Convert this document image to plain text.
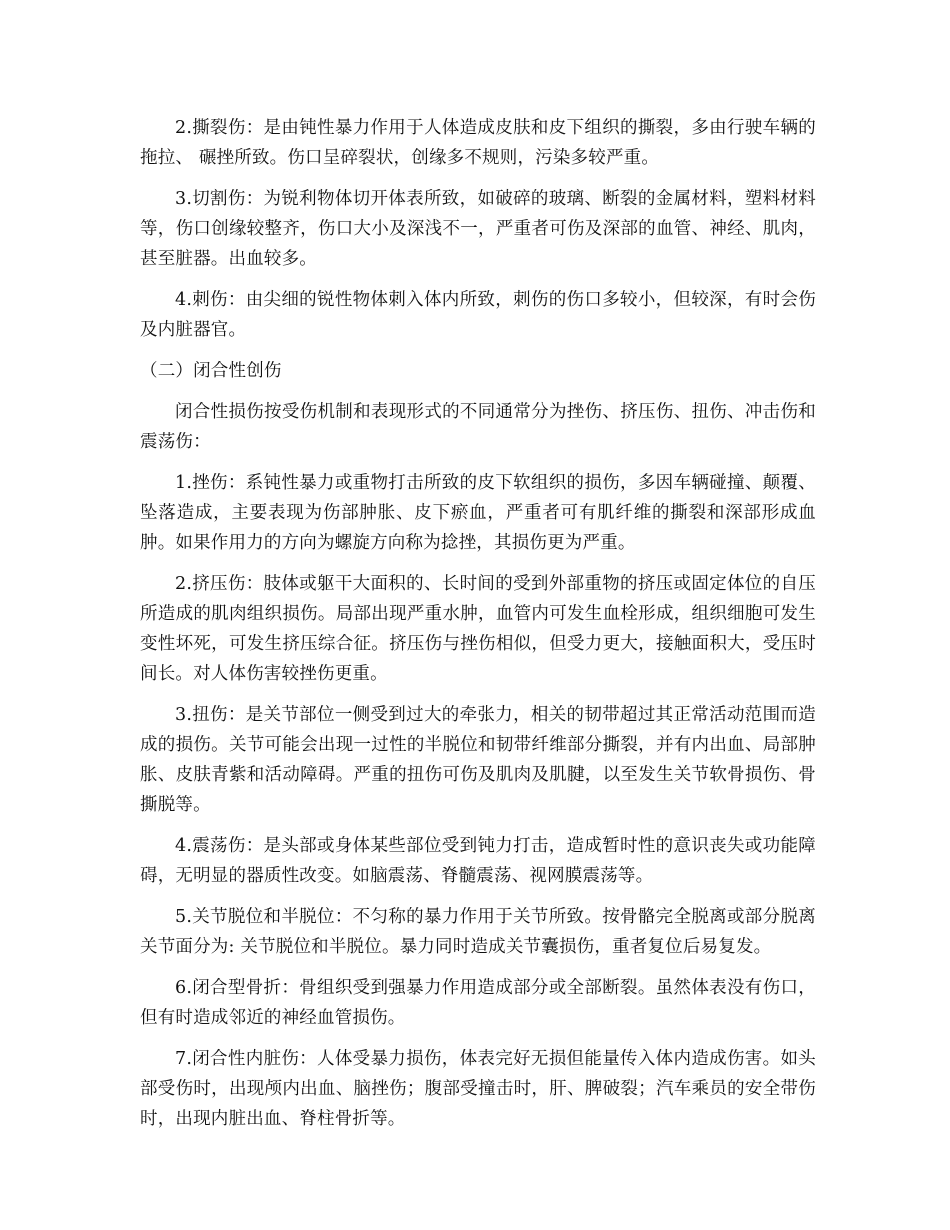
2.撕裂伤：是由钝性暴力作用于人体造成皮肤和皮下组织的撕裂，多由行驶车辆的拖拉、 碾挫所致。伤口呈碎裂状，创缘多不规则，污染多较严重。

3.切割伤：为锐利物体切开体表所致，如破碎的玻璃、断裂的金属材料，塑料材料等，伤口创缘较整齐，伤口大小及深浅不一，严重者可伤及深部的血管、神经、肌肉，甚至脏器。出血较多。

4.刺伤：由尖细的锐性物体刺入体内所致，刺伤的伤口多较小，但较深，有时会伤及内脏器官。

（二）闭合性创伤

闭合性损伤按受伤机制和表现形式的不同通常分为挫伤、挤压伤、扭伤、冲击伤和震荡伤：

1.挫伤：系钝性暴力或重物打击所致的皮下软组织的损伤，多因车辆碰撞、颠覆、坠落造成，主要表现为伤部肿胀、皮下瘀血，严重者可有肌纤维的撕裂和深部形成血肿。如果作用力的方向为螺旋方向称为捻挫，其损伤更为严重。

2.挤压伤：肢体或躯干大面积的、长时间的受到外部重物的挤压或固定体位的自压所造成的肌肉组织损伤。局部出现严重水肿，血管内可发生血栓形成，组织细胞可发生变性坏死，可发生挤压综合征。挤压伤与挫伤相似，但受力更大，接触面积大，受压时间长。对人体伤害较挫伤更重。

3.扭伤：是关节部位一侧受到过大的牵张力，相关的韧带超过其正常活动范围而造成的损伤。关节可能会出现一过性的半脱位和韧带纤维部分撕裂，并有内出血、局部肿胀、皮肤青紫和活动障碍。严重的扭伤可伤及肌肉及肌腱，以至发生关节软骨损伤、骨撕脱等。

4.震荡伤：是头部或身体某些部位受到钝力打击，造成暂时性的意识丧失或功能障碍，无明显的器质性改变。如脑震荡、脊髓震荡、视网膜震荡等。

5.关节脱位和半脱位：不匀称的暴力作用于关节所致。按骨骼完全脱离或部分脱离关节面分为: 关节脱位和半脱位。暴力同时造成关节囊损伤，重者复位后易复发。

6.闭合型骨折：骨组织受到强暴力作用造成部分或全部断裂。虽然体表没有伤口，但有时造成邻近的神经血管损伤。

7.闭合性内脏伤：人体受暴力损伤，体表完好无损但能量传入体内造成伤害。如头部受伤时，出现颅内出血、脑挫伤；腹部受撞击时，肝、脾破裂；汽车乘员的安全带伤时，出现内脏出血、脊柱骨折等。
